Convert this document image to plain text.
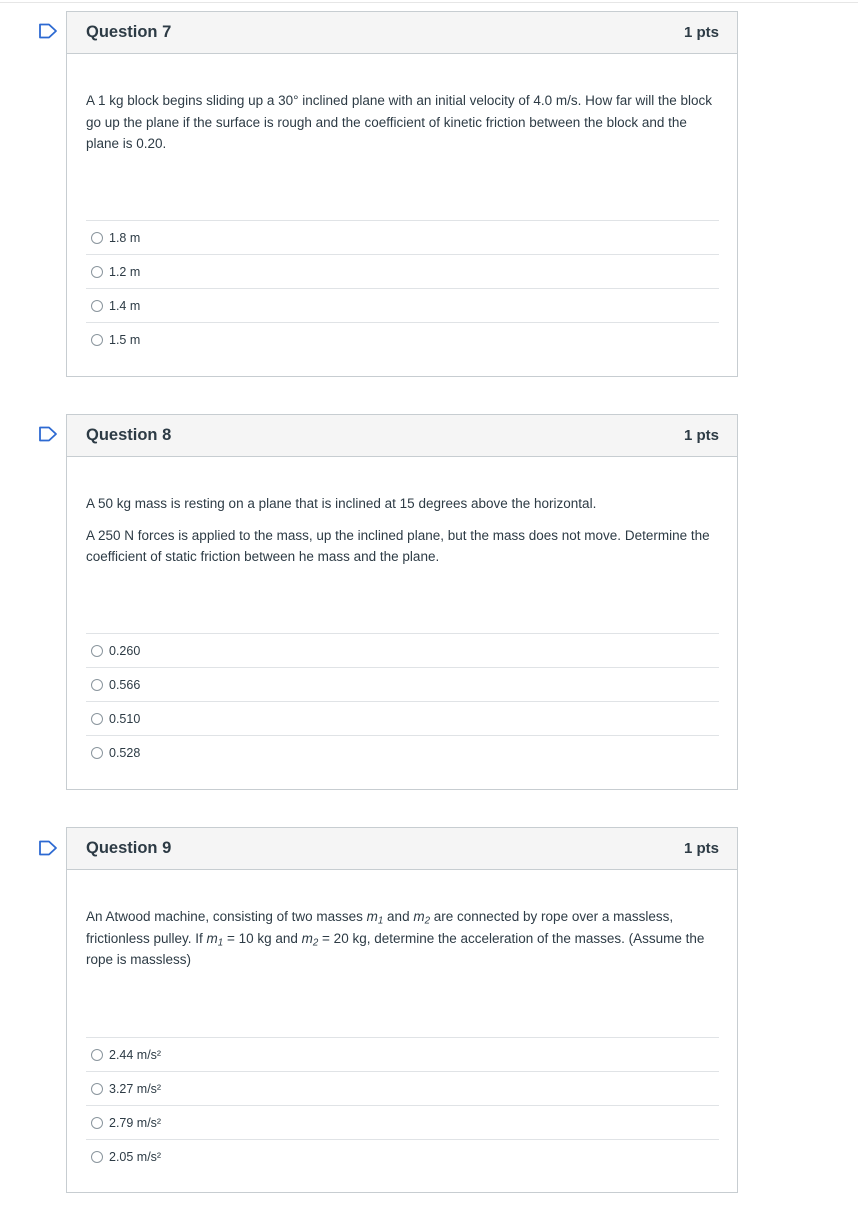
Question 7	1 pts

A 1 kg block begins sliding up a 30° inclined plane with an initial velocity of 4.0 m/s. How far will the block go up the plane if the surface is rough and the coefficient of kinetic friction between the block and the plane is 0.20.

1.8 m
1.2 m
1.4 m
1.5 m
Question 8	1 pts

A 50 kg mass is resting on a plane that is inclined at 15 degrees above the horizontal.

A 250 N forces is applied to the mass, up the inclined plane, but the mass does not move. Determine the coefficient of static friction between he mass and the plane.

0.260
0.566
0.510
0.528
Question 9	1 pts

An Atwood machine, consisting of two masses $m_1$ and $m_2$ are connected by rope over a massless, frictionless pulley. If $m_1 = 10$ kg and $m_2 = 20$ kg, determine the acceleration of the masses. (Assume the rope is massless)

2.44 m/s²
3.27 m/s²
2.79 m/s²
2.05 m/s²
